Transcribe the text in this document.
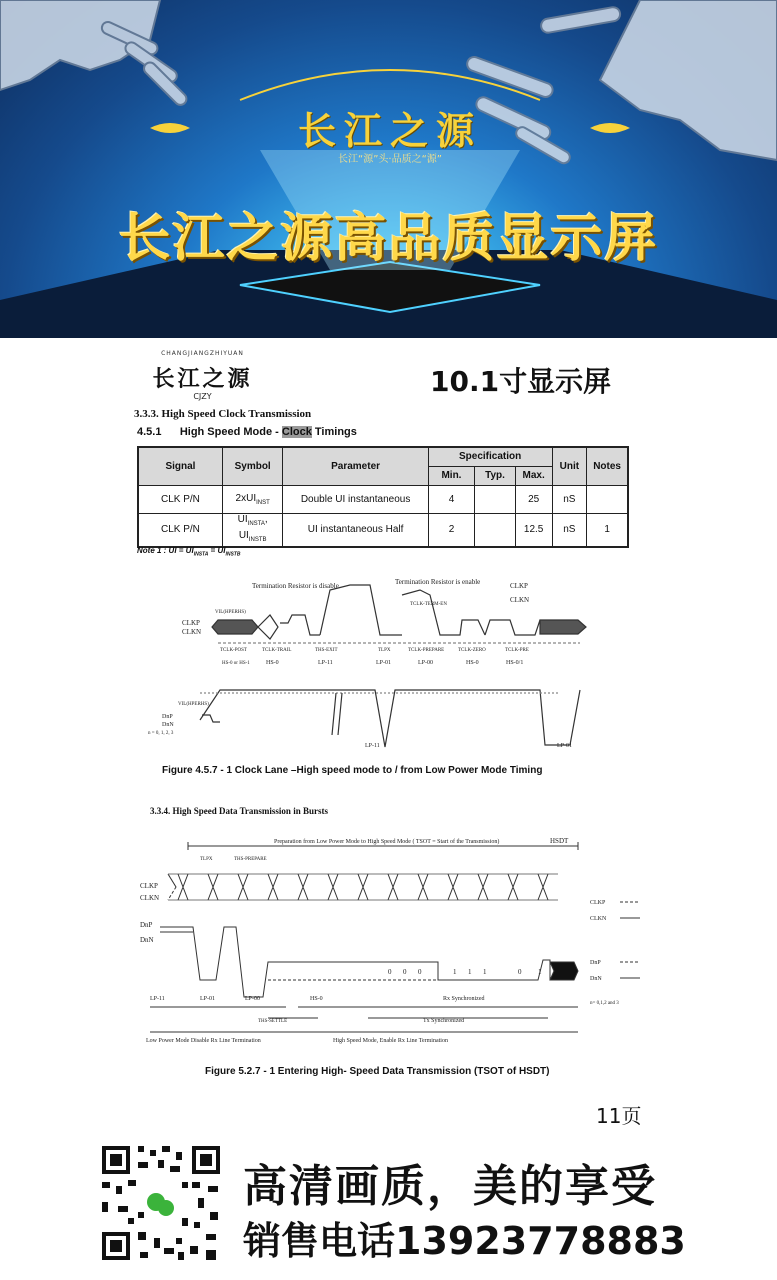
长江之源
长江“源”头·品质之“源”
长江之源高品质显示屏
CHANGJIANGZHIYUAN
长江之源
CJZY	10.1寸显示屏
3.3.3. High Speed Clock Transmission
4.5.1 High Speed Mode - Clock Timings
Signal	Symbol	Parameter	Specification			Unit	Notes
			Min.	Typ.	Max.		
CLK P/N	2xUI$_{INST}$	Double UI instantaneous	4		25	nS	
CLK P/N	$UI_{INSTA}$,
$UI_{INSTB}$	UI instantaneous Half	2		12.5	nS	1
Note 1 : UI = $UI_{INSTA} = UI_{INSTB}$
Termination Resistor is disable	Termination Resistor is enable	CLKP
CLKN
VIL(HPERHS)
TCLK-TERM-EN
CLKP
CLKN
TCLK-POST	TCLK-TRAIL	THS-EXIT	TLPX	TCLK-PREPARE	TCLK-ZERO	TCLK-PRE
HS-0 or HS-1	HS-0	LP-11	LP-01	LP-00	HS-0	HS-0/1
VIL(HPERHS)
DnP
DnN
n = 0, 1, 2, 3
LP-11	LP-01
Figure 4.5.7 - 1 Clock Lane –High speed mode to / from Low Power Mode Timing
3.3.4. High Speed Data Transmission in Bursts
Preparation from Low Power Mode to High Speed Mode ( TSOT = Start of the Transmission)	HSDT
TLPX	THS-PREPARE
CLKP
CLKN
DnP
DnN
LP-11	LP-01	LP-00	HS-0	Rx Synchronized
THS-SETTLE	Tx Synchronized
Low Power Mode Disable Rx Line Termination	High Speed Mode, Enable Rx Line Termination
CLKP
CLKN
DnP
DnN
n= 0,1,2 and 3
0 0 0	1 1 1	0 1
Figure 5.2.7 - 1 Entering High- Speed Data Transmission (TSOT of HSDT)
11页
高清画质，美的享受
销售电话13923778883
